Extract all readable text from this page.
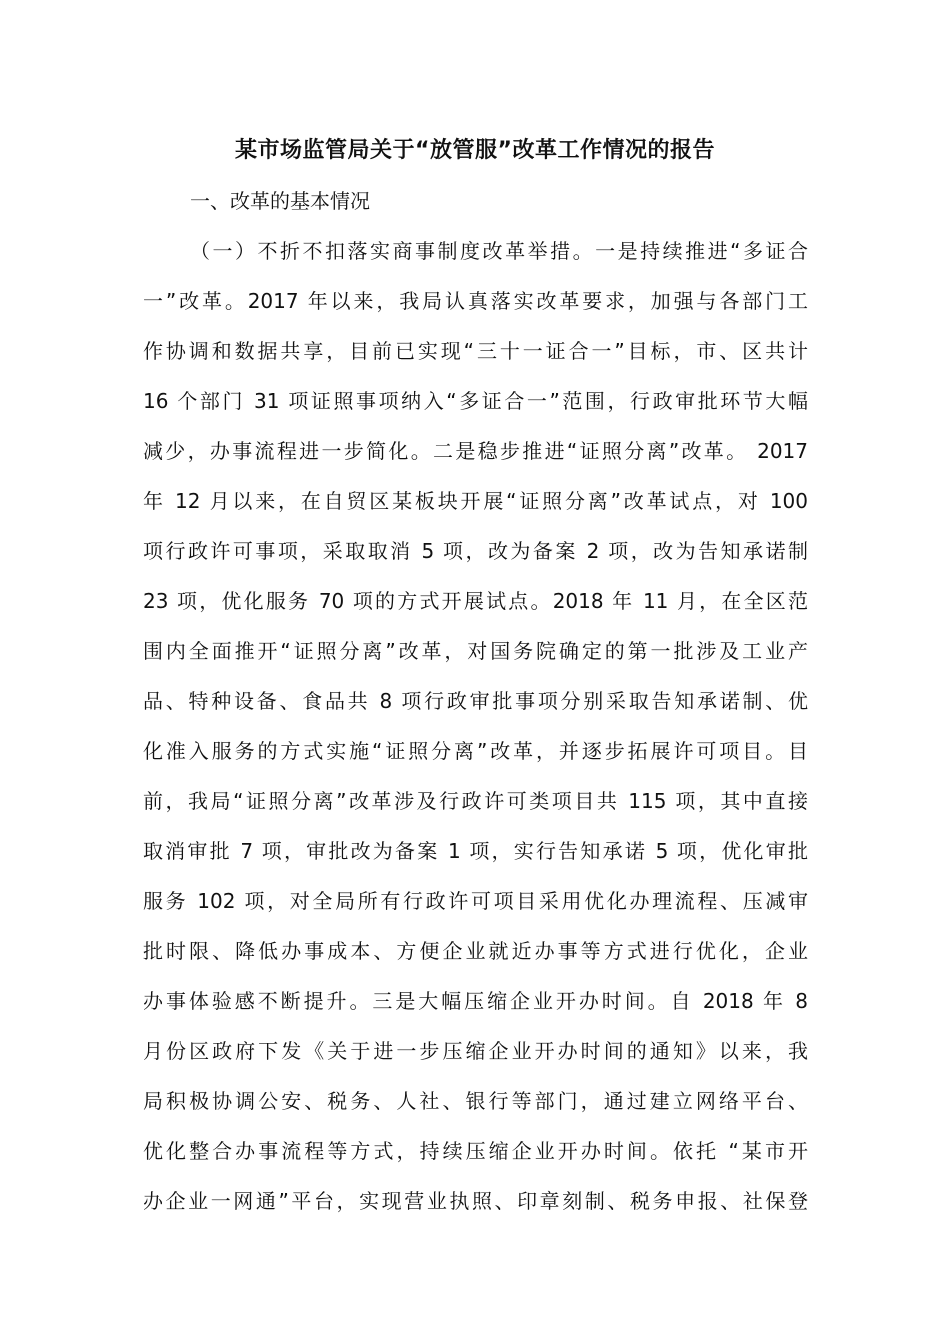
某市场监管局关于“放管服”改革工作情况的报告
一、改革的基本情况
（一）不折不扣落实商事制度改革举措。一是持续推进“多证合
一”改革。2017 年以来，我局认真落实改革要求，加强与各部门工
作协调和数据共享，目前已实现“三十一证合一”目标，市、区共计
16 个部门 31 项证照事项纳入“多证合一”范围，行政审批环节大幅
减少，办事流程进一步简化。二是稳步推进“证照分离”改革。 2017
年 12 月以来，在自贸区某板块开展“证照分离”改革试点，对 100
项行政许可事项，采取取消 5 项，改为备案 2 项，改为告知承诺制
23 项，优化服务 70 项的方式开展试点。2018 年 11 月，在全区范
围内全面推开“证照分离”改革，对国务院确定的第一批涉及工业产
品、特种设备、食品共 8 项行政审批事项分别采取告知承诺制、优
化准入服务的方式实施“证照分离”改革，并逐步拓展许可项目。目
前，我局“证照分离”改革涉及行政许可类项目共 115 项，其中直接
取消审批 7 项，审批改为备案 1 项，实行告知承诺 5 项，优化审批
服务 102 项，对全局所有行政许可项目采用优化办理流程、压减审
批时限、降低办事成本、方便企业就近办事等方式进行优化，企业
办事体验感不断提升。三是大幅压缩企业开办时间。自 2018 年 8
月份区政府下发《关于进一步压缩企业开办时间的通知》以来，我
局积极协调公安、税务、人社、银行等部门，通过建立网络平台、
优化整合办事流程等方式，持续压缩企业开办时间。依托 “某市开
办企业一网通”平台，实现营业执照、印章刻制、税务申报、社保登
